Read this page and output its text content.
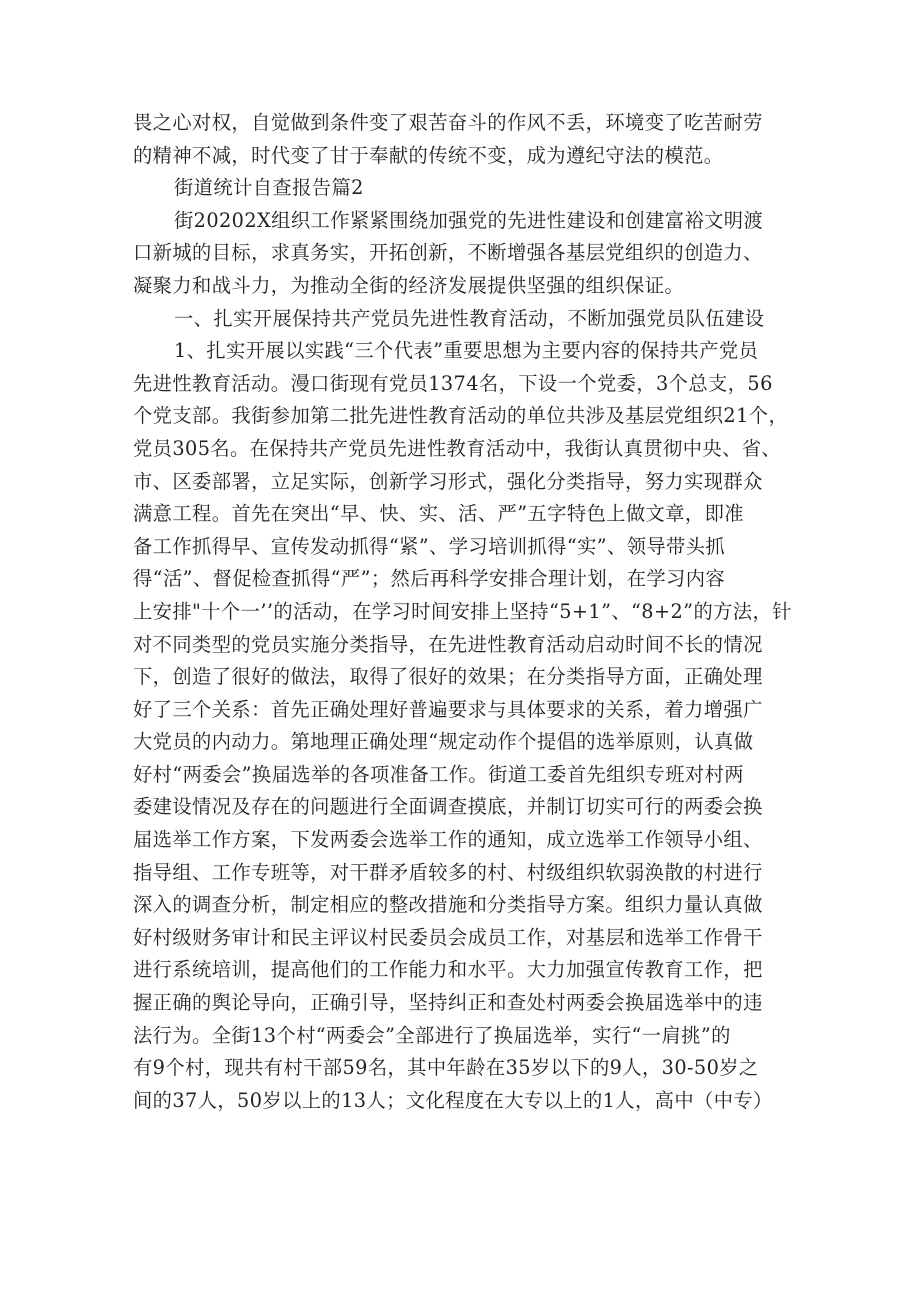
畏之心对权，自觉做到条件变了艰苦奋斗的作风不丢，环境变了吃苦耐劳
的精神不减，时代变了甘于奉献的传统不变，成为遵纪守法的模范。
街道统计自查报告篇2
街20202X组织工作紧紧围绕加强党的先进性建设和创建富裕文明渡
口新城的目标，求真务实，开拓创新，不断增强各基层党组织的创造力、
凝聚力和战斗力，为推动全街的经济发展提供坚强的组织保证。
一、扎实开展保持共产党员先进性教育活动，不断加强党员队伍建设
1、扎实开展以实践“三个代表”重要思想为主要内容的保持共产党员
先进性教育活动。漫口街现有党员1374名，下设一个党委，3个总支，56
个党支部。我街参加第二批先进性教育活动的单位共涉及基层党组织21个，
党员305名。在保持共产党员先进性教育活动中，我街认真贯彻中央、省、
市、区委部署，立足实际，创新学习形式，强化分类指导，努力实现群众
满意工程。首先在突出“早、快、实、活、严”五字特色上做文章，即准
备工作抓得早、宣传发动抓得“紧”、学习培训抓得“实”、领导带头抓
得“活”、督促检查抓得“严”；然后再科学安排合理计划，在学习内容
上安排"十个一’’的活动，在学习时间安排上坚持“5+1”、“8+2”的方法，针
对不同类型的党员实施分类指导，在先进性教育活动启动时间不长的情况
下，创造了很好的做法，取得了很好的效果；在分类指导方面，正确处理
好了三个关系：首先正确处理好普遍要求与具体要求的关系，着力增强广
大党员的内动力。第地理正确处理“规定动作个提倡的选举原则，认真做
好村“两委会”换届选举的各项准备工作。街道工委首先组织专班对村两
委建设情况及存在的问题进行全面调查摸底，并制订切实可行的两委会换
届选举工作方案，下发两委会选举工作的通知，成立选举工作领导小组、
指导组、工作专班等，对干群矛盾较多的村、村级组织软弱涣散的村进行
深入的调查分析，制定相应的整改措施和分类指导方案。组织力量认真做
好村级财务审计和民主评议村民委员会成员工作，对基层和选举工作骨干
进行系统培训，提高他们的工作能力和水平。大力加强宣传教育工作，把
握正确的舆论导向，正确引导，坚持纠正和查处村两委会换届选举中的违
法行为。全街13个村“两委会”全部进行了换届选举，实行“一肩挑”的
有9个村，现共有村干部59名，其中年龄在35岁以下的9人，30-50岁之
间的37人，50岁以上的13人；文化程度在大专以上的1人，高中（中专）
